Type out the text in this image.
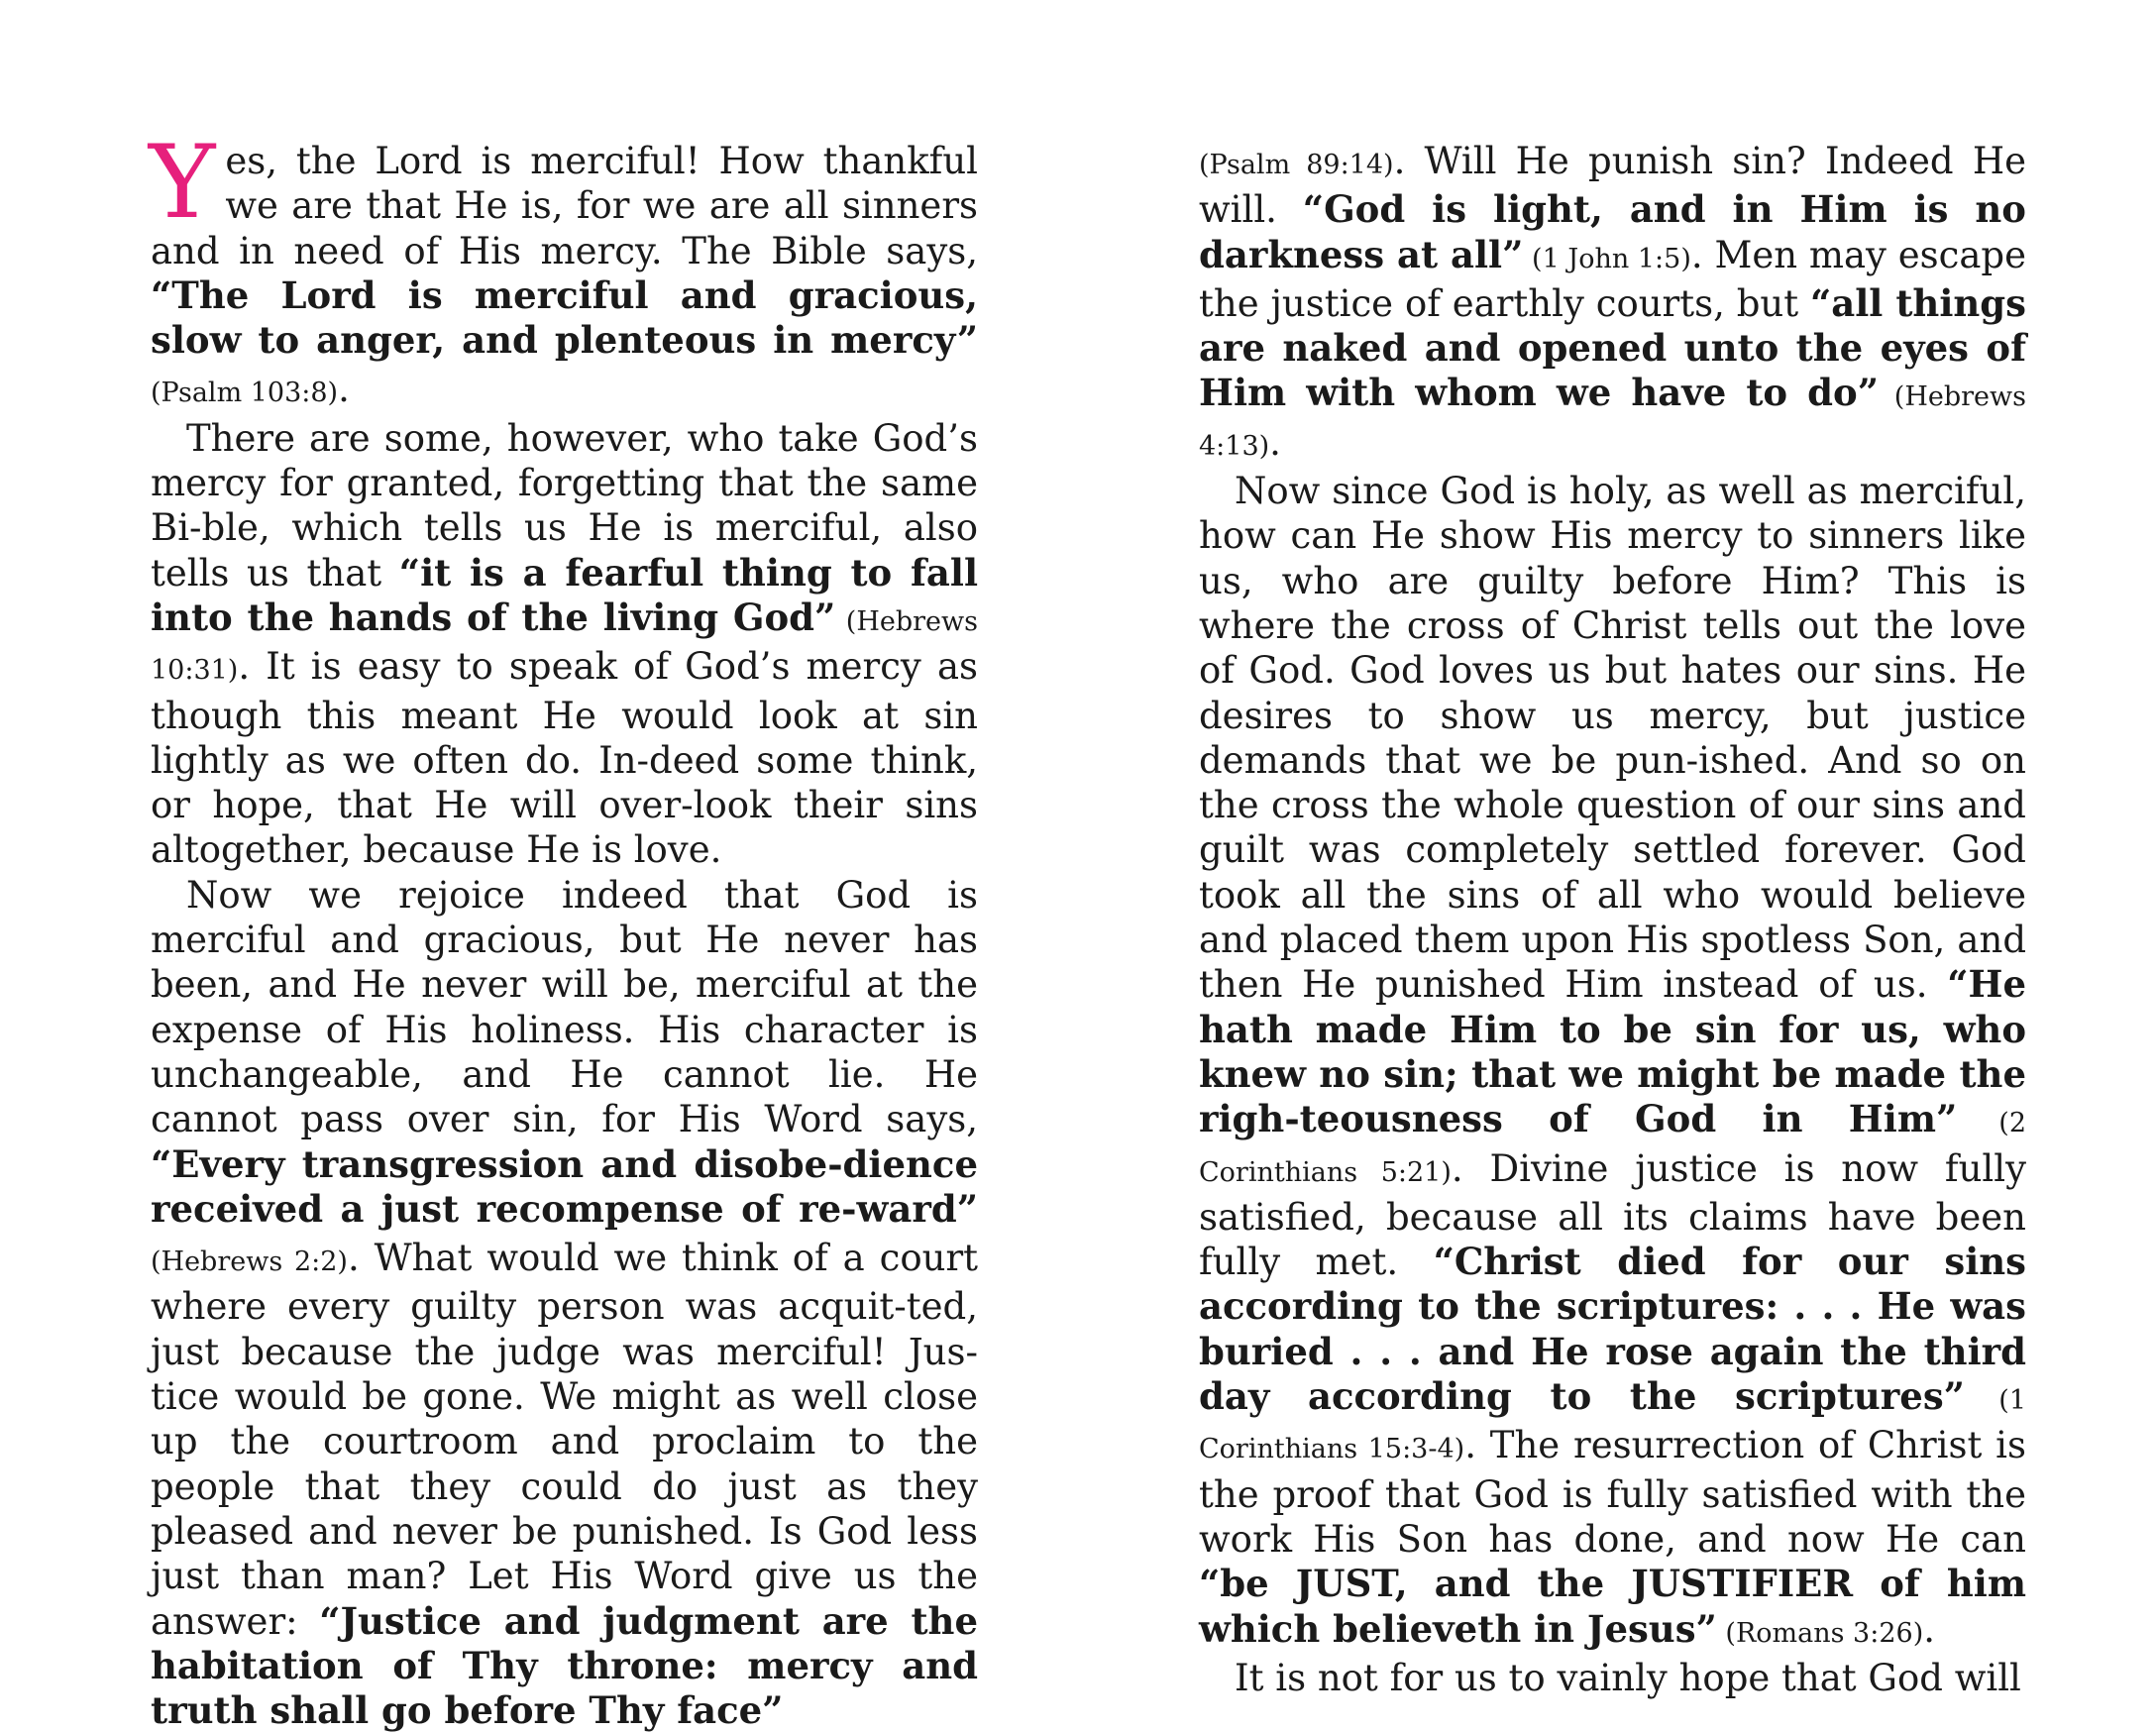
Yes, the Lord is merciful! How thankful we are that He is, for we are all sinners and in need of His mercy. The Bible says, “The Lord is merciful and gracious, slow to anger, and plenteous in mercy” (Psalm 103:8).

There are some, however, who take God’s mercy for granted, forgetting that the same Bi-ble, which tells us He is merciful, also tells us that “it is a fearful thing to fall into the hands of the living God” (Hebrews 10:31). It is easy to speak of God’s mercy as though this meant He would look at sin lightly as we often do. In-deed some think, or hope, that He will over-look their sins altogether, because He is love.

Now we rejoice indeed that God is merciful and gracious, but He never has been, and He never will be, merciful at the expense of His holiness. His character is unchangeable, and He cannot lie. He cannot pass over sin, for His Word says, “Every transgression and disobe-dience received a just recompense of re-ward” (Hebrews 2:2). What would we think of a court where every guilty person was acquit-ted, just because the judge was merciful! Jus-tice would be gone. We might as well close up the courtroom and proclaim to the people that they could do just as they pleased and never be punished. Is God less just than man? Let His Word give us the answer: “Justice and judgment are the habitation of Thy throne: mercy and truth shall go before Thy face”

(Psalm 89:14). Will He punish sin? Indeed He will. “God is light, and in Him is no darkness at all” (1 John 1:5). Men may escape the justice of earthly courts, but “all things are naked and opened unto the eyes of Him with whom we have to do” (Hebrews 4:13).

Now since God is holy, as well as merciful, how can He show His mercy to sinners like us, who are guilty before Him? This is where the cross of Christ tells out the love of God. God loves us but hates our sins. He desires to show us mercy, but justice demands that we be pun-ished. And so on the cross the whole question of our sins and guilt was completely settled forever. God took all the sins of all who would believe and placed them upon His spotless Son, and then He punished Him instead of us. “He hath made Him to be sin for us, who knew no sin; that we might be made the righ-teousness of God in Him” (2 Corinthians 5:21). Divine justice is now fully satisfied, because all its claims have been fully met. “Christ died for our sins according to the scriptures: . . . He was buried . . . and He rose again the third day according to the scriptures” (1 Corinthians 15:3-4). The resurrection of Christ is the proof that God is fully satisfied with the work His Son has done, and now He can “be JUST, and the JUSTIFIER of him which believeth in Jesus” (Romans 3:26).

It is not for us to vainly hope that God will
